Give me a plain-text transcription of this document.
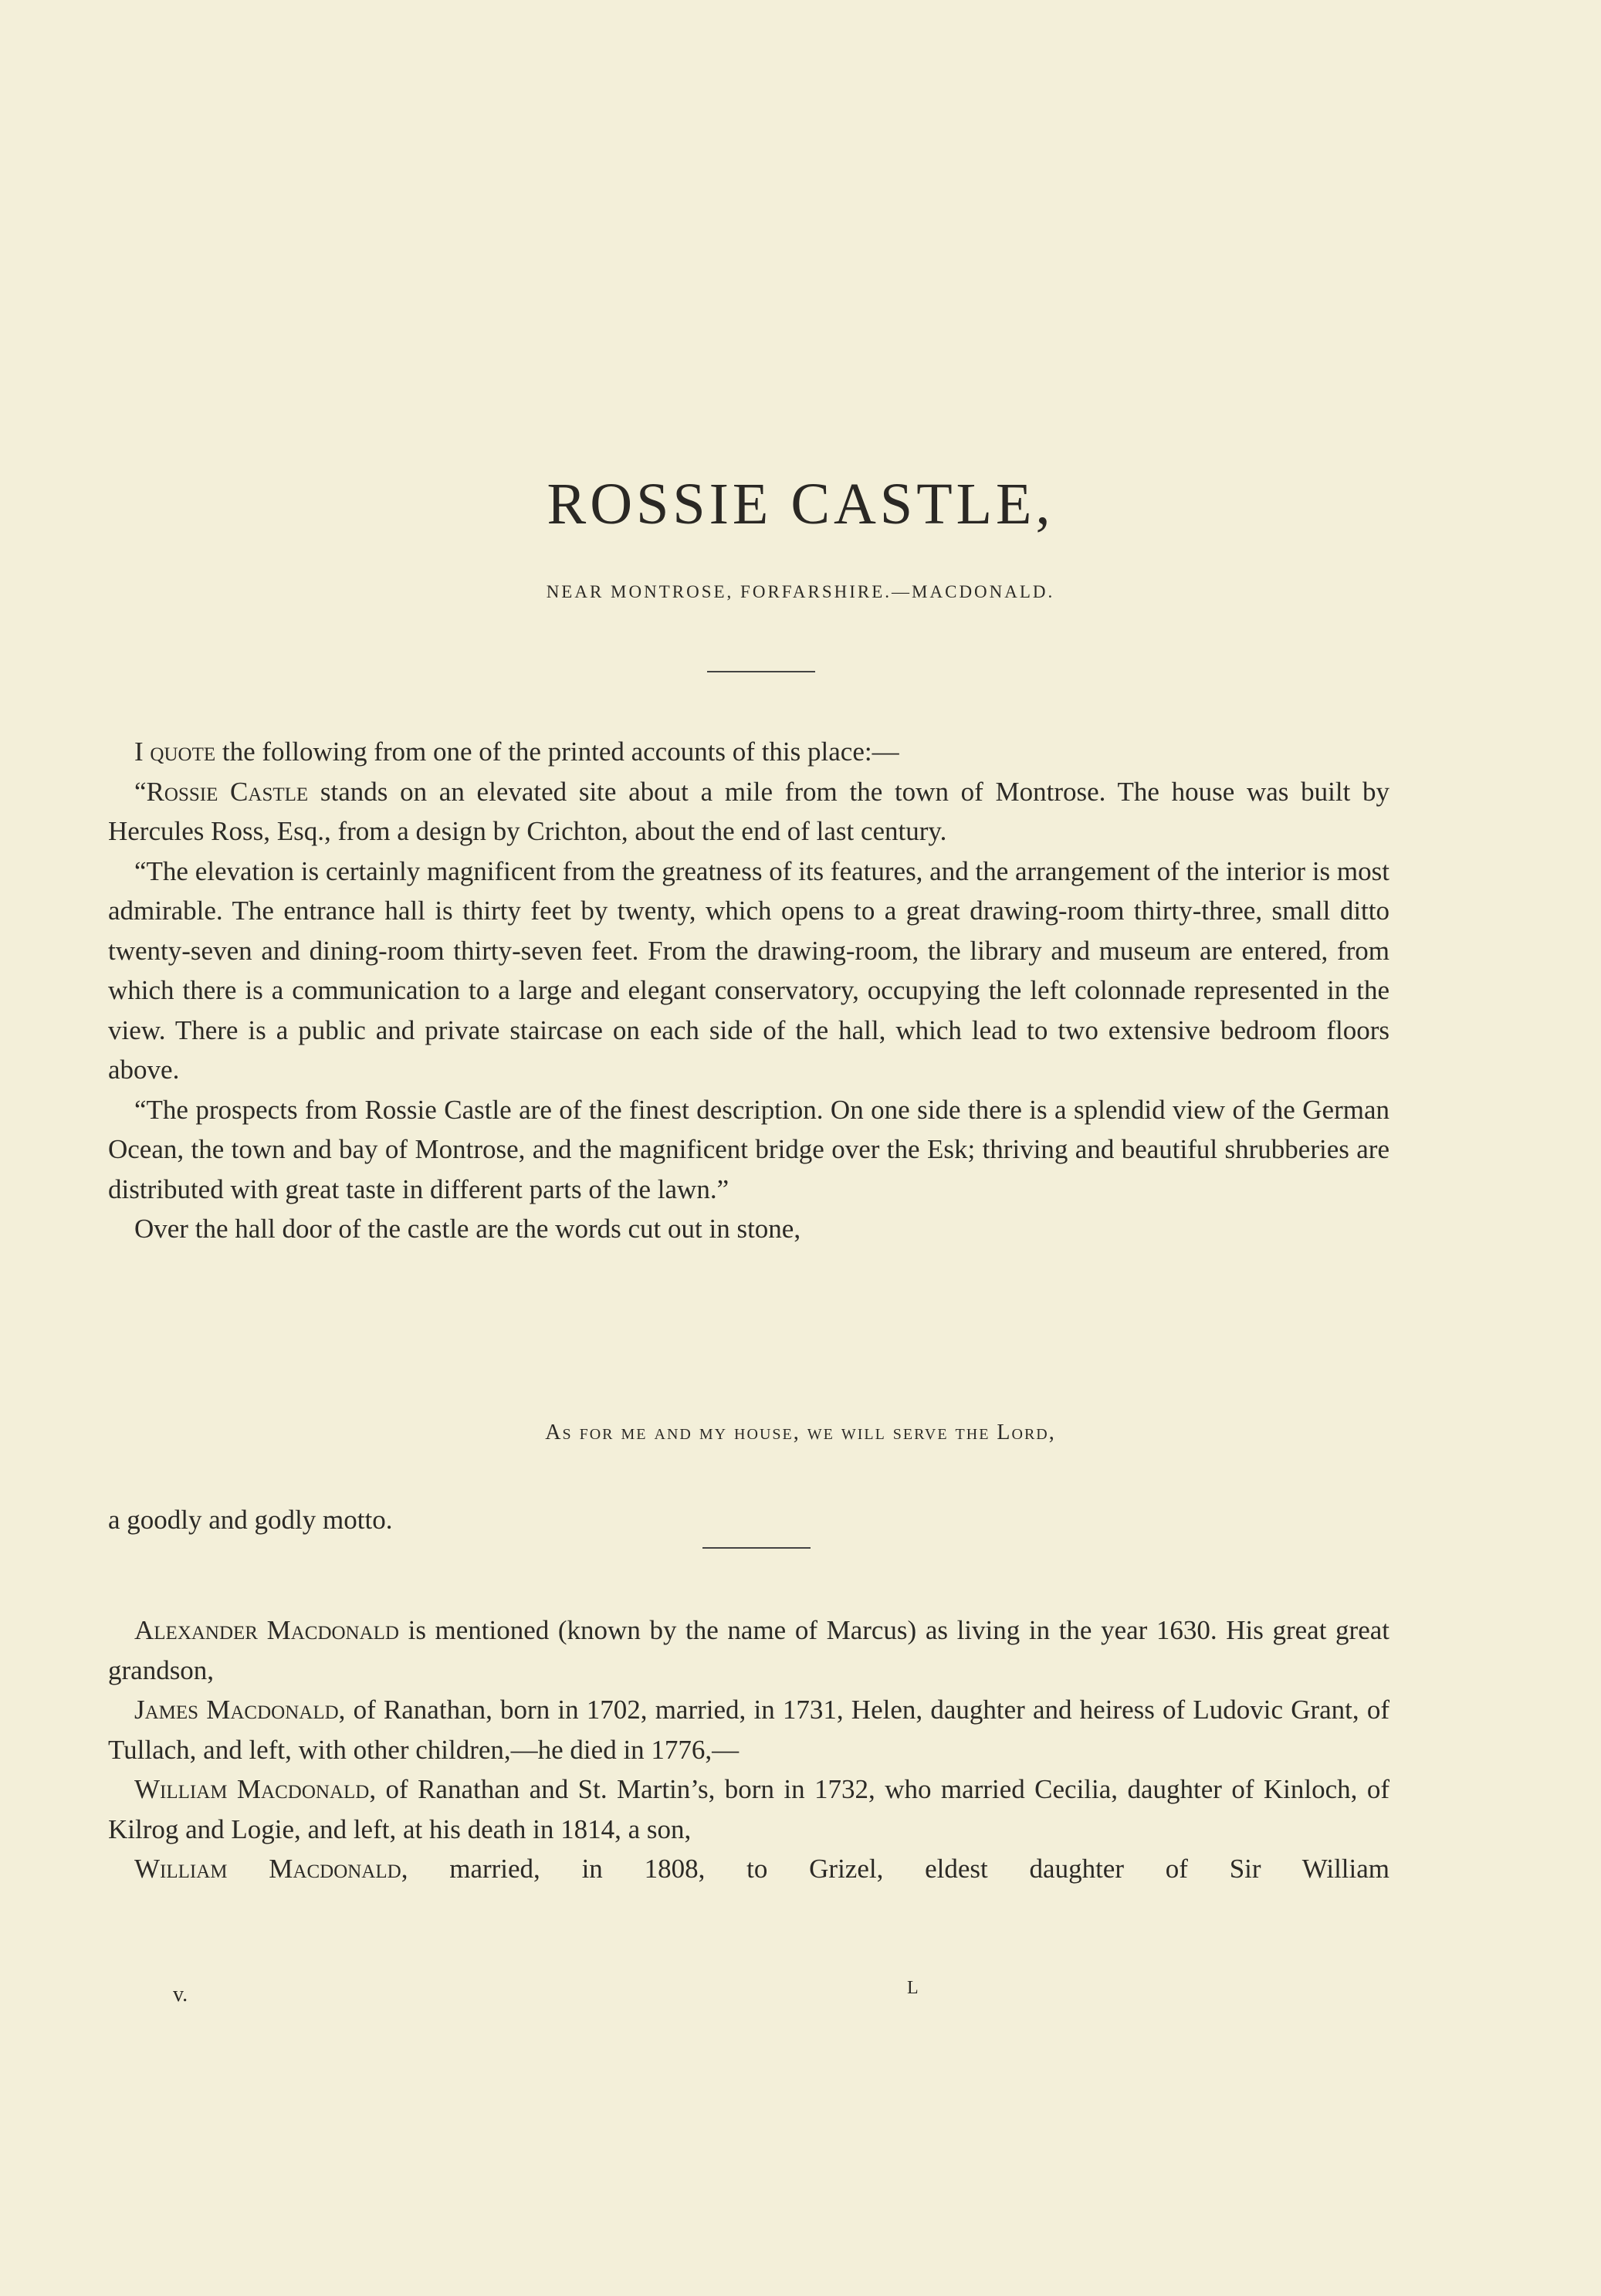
ROSSIE CASTLE,
NEAR MONTROSE, FORFARSHIRE.—MACDONALD.

I quote the following from one of the printed accounts of this place:—

“Rossie Castle stands on an elevated site about a mile from the town of Montrose. The house was built by Hercules Ross, Esq., from a design by Crichton, about the end of last century.

“The elevation is certainly magnificent from the greatness of its features, and the arrangement of the interior is most admirable. The entrance hall is thirty feet by twenty, which opens to a great drawing-room thirty-three, small ditto twenty-seven and dining-room thirty-seven feet. From the drawing-room, the library and museum are entered, from which there is a communication to a large and elegant conservatory, occupying the left colonnade represented in the view. There is a public and private staircase on each side of the hall, which lead to two extensive bedroom floors above.

“The prospects from Rossie Castle are of the finest description. On one side there is a splendid view of the German Ocean, the town and bay of Montrose, and the magnificent bridge over the Esk; thriving and beautiful shrubberies are distributed with great taste in different parts of the lawn.”

Over the hall door of the castle are the words cut out in stone,

As for me and my house, we will serve the Lord,

a goodly and godly motto.

Alexander Macdonald is mentioned (known by the name of Marcus) as living in the year 1630. His great great grandson,

James Macdonald, of Ranathan, born in 1702, married, in 1731, Helen, daughter and heiress of Ludovic Grant, of Tullach, and left, with other children,—he died in 1776,—

William Macdonald, of Ranathan and St. Martin’s, born in 1732, who married Cecilia, daughter of Kinloch, of Kilrog and Logie, and left, at his death in 1814, a son,

William Macdonald, married, in 1808, to Grizel, eldest daughter of Sir William

v.	L
